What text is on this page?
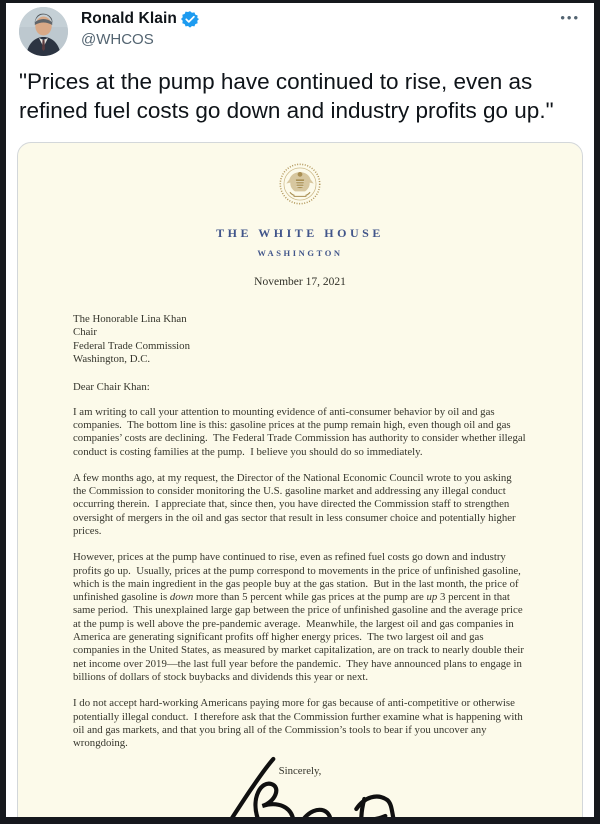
Ronald Klain
@WHCOS
•••
"Prices at the pump have continued to rise, even as refined fuel costs go down and industry profits go up."
THE WHITE HOUSE
WASHINGTON
November 17, 2021
The Honorable Lina Khan
Chair
Federal Trade Commission
Washington, D.C.
Dear Chair Khan:

I am writing to call your attention to mounting evidence of anti-consumer behavior by oil and gas companies.  The bottom line is this: gasoline prices at the pump remain high, even though oil and gas companies’ costs are declining.  The Federal Trade Commission has authority to consider whether illegal conduct is costing families at the pump.  I believe you should do so immediately.

A few months ago, at my request, the Director of the National Economic Council wrote to you asking the Commission to consider monitoring the U.S. gasoline market and addressing any illegal conduct occurring therein.  I appreciate that, since then, you have directed the Commission staff to strengthen oversight of mergers in the oil and gas sector that result in less consumer choice and potentially higher prices.

However, prices at the pump have continued to rise, even as refined fuel costs go down and industry profits go up.  Usually, prices at the pump correspond to movements in the price of unfinished gasoline, which is the main ingredient in the gas people buy at the gas station.  But in the last month, the price of unfinished gasoline is down more than 5 percent while gas prices at the pump are up 3 percent in that same period.  This unexplained large gap between the price of unfinished gasoline and the average price at the pump is well above the pre-pandemic average.  Meanwhile, the largest oil and gas companies in America are generating significant profits off higher energy prices.  The two largest oil and gas companies in the United States, as measured by market capitalization, are on track to nearly double their net income over 2019—the last full year before the pandemic.  They have announced plans to engage in billions of dollars of stock buybacks and dividends this year or next.

I do not accept hard-working Americans paying more for gas because of anti-competitive or otherwise potentially illegal conduct.  I therefore ask that the Commission further examine what is happening with oil and gas markets, and that you bring all of the Commission’s tools to bear if you uncover any wrongdoing.

Sincerely,
